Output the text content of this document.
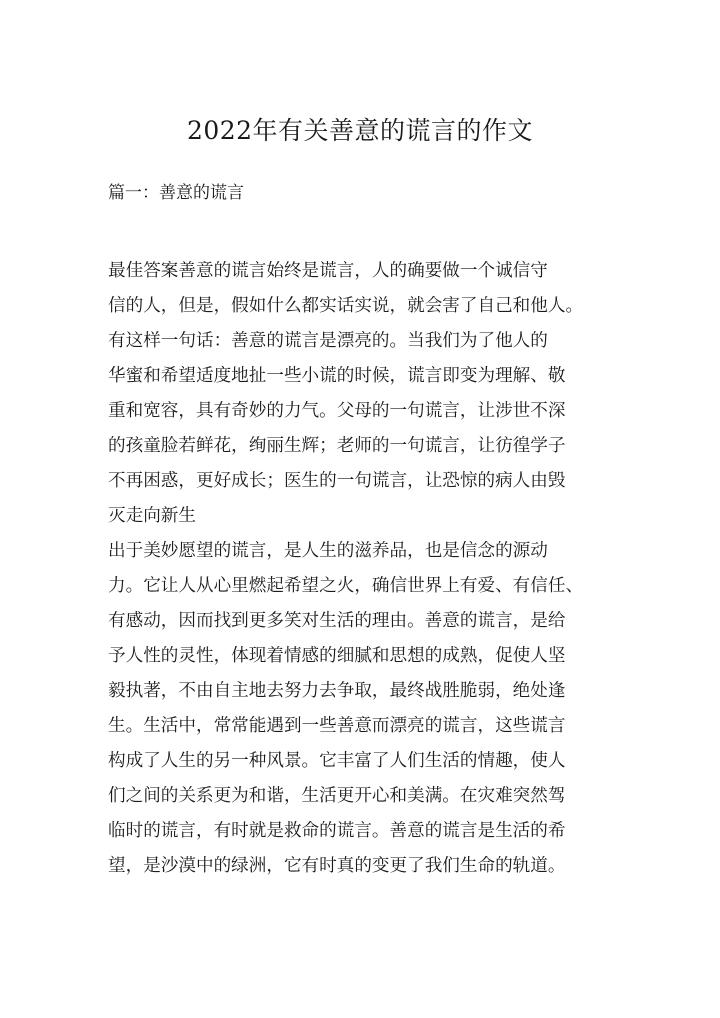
2022年有关善意的谎言的作文
篇一：善意的谎言
最佳答案善意的谎言始终是谎言，人的确要做一个诚信守
信的人，但是，假如什么都实话实说，就会害了自己和他人。
有这样一句话：善意的谎言是漂亮的。当我们为了他人的
华蜜和希望适度地扯一些小谎的时候，谎言即变为理解、敬
重和宽容，具有奇妙的力气。父母的一句谎言，让涉世不深
的孩童脸若鲜花，绚丽生辉；老师的一句谎言，让彷徨学子
不再困惑，更好成长；医生的一句谎言，让恐惊的病人由毁
灭走向新生
出于美妙愿望的谎言，是人生的滋养品，也是信念的源动
力。它让人从心里燃起希望之火，确信世界上有爱、有信任、
有感动，因而找到更多笑对生活的理由。善意的谎言，是给
予人性的灵性，体现着情感的细腻和思想的成熟，促使人坚
毅执著，不由自主地去努力去争取，最终战胜脆弱，绝处逢
生。生活中，常常能遇到一些善意而漂亮的谎言，这些谎言
构成了人生的另一种风景。它丰富了人们生活的情趣，使人
们之间的关系更为和谐，生活更开心和美满。在灾难突然驾
临时的谎言，有时就是救命的谎言。善意的谎言是生活的希
望，是沙漠中的绿洲，它有时真的变更了我们生命的轨道。
